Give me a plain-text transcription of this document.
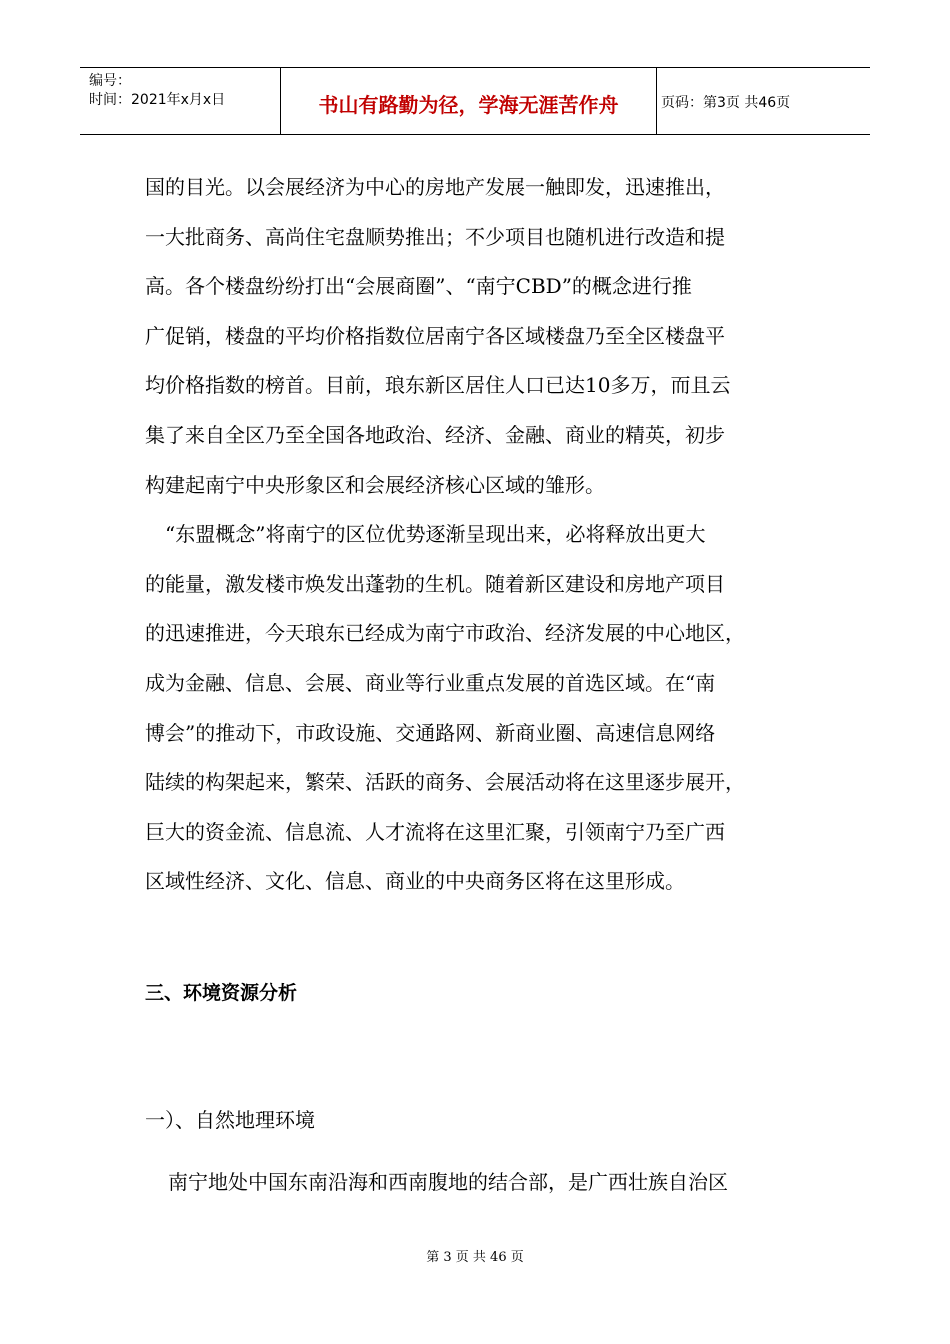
编号：
时间：2021年x月x日	书山有路勤为径，学海无涯苦作舟	页码：第3页 共46页

国的目光。以会展经济为中心的房地产发展一触即发，迅速推出，

一大批商务、高尚住宅盘顺势推出；不少项目也随机进行改造和提

高。各个楼盘纷纷打出“会展商圈”、“南宁CBD”的概念进行推

广促销，楼盘的平均价格指数位居南宁各区域楼盘乃至全区楼盘平

均价格指数的榜首。目前，琅东新区居住人口已达10多万，而且云

集了来自全区乃至全国各地政治、经济、金融、商业的精英，初步

构建起南宁中央形象区和会展经济核心区域的雏形。

　“东盟概念”将南宁的区位优势逐渐呈现出来，必将释放出更大

的能量，激发楼市焕发出蓬勃的生机。随着新区建设和房地产项目

的迅速推进，今天琅东已经成为南宁市政治、经济发展的中心地区，

成为金融、信息、会展、商业等行业重点发展的首选区域。在“南

博会”的推动下，市政设施、交通路网、新商业圈、高速信息网络

陆续的构架起来，繁荣、活跃的商务、会展活动将在这里逐步展开，

巨大的资金流、信息流、人才流将在这里汇聚，引领南宁乃至广西

区域性经济、文化、信息、商业的中央商务区将在这里形成。

三、环境资源分析

一）、自然地理环境

南宁地处中国东南沿海和西南腹地的结合部，是广西壮族自治区

第 3 页 共 46 页
